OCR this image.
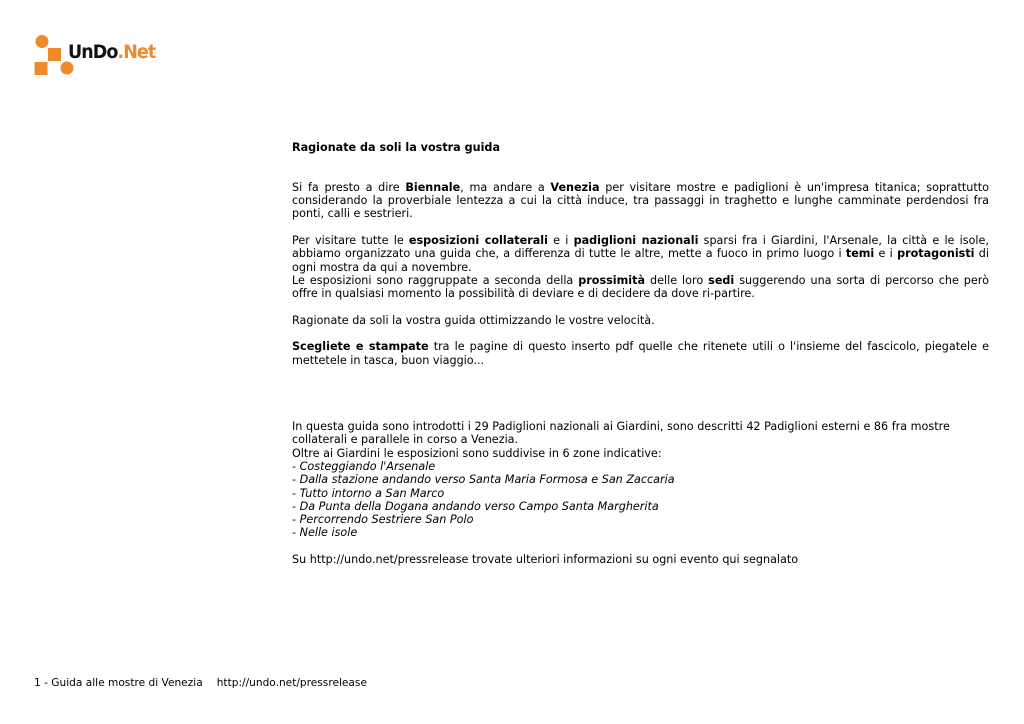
UnDo.Net

Ragionate da soli la vostra guida

Si fa presto a dire Biennale, ma andare a Venezia per visitare mostre e padiglioni è un'impresa titanica; soprattutto considerando la proverbiale lentezza a cui la città induce, tra passaggi in traghetto e lunghe camminate perdendosi fra ponti, calli e sestrieri.

Per visitare tutte le esposizioni collaterali e i padiglioni nazionali sparsi fra i Giardini, l'Arsenale, la città e le isole, abbiamo organizzato una guida che, a differenza di tutte le altre, mette a fuoco in primo luogo i temi e i protagonisti di ogni mostra da qui a novembre.

Le esposizioni sono raggruppate a seconda della prossimità delle loro sedi suggerendo una sorta di percorso che però offre in qualsiasi momento la possibilità di deviare e di decidere da dove ri-partire.

Ragionate da soli la vostra guida ottimizzando le vostre velocità.

Scegliete e stampate tra le pagine di questo inserto pdf quelle che ritenete utili o l'insieme del fascicolo, piegatele e mettetele in tasca, buon viaggio...

In questa guida sono introdotti i 29 Padiglioni nazionali ai Giardini, sono descritti 42 Padiglioni esterni e 86 fra mostre collaterali e parallele in corso a Venezia.

Oltre ai Giardini le esposizioni sono suddivise in 6 zone indicative:

- Costeggiando l'Arsenale
- Dalla stazione andando verso Santa Maria Formosa e San Zaccaria
- Tutto intorno a San Marco
- Da Punta della Dogana andando verso Campo Santa Margherita
- Percorrendo Sestriere San Polo
- Nelle isole

Su http://undo.net/pressrelease trovate ulteriori informazioni su ogni evento qui segnalato

1 - Guida alle mostre di Venezia http://undo.net/pressrelease
